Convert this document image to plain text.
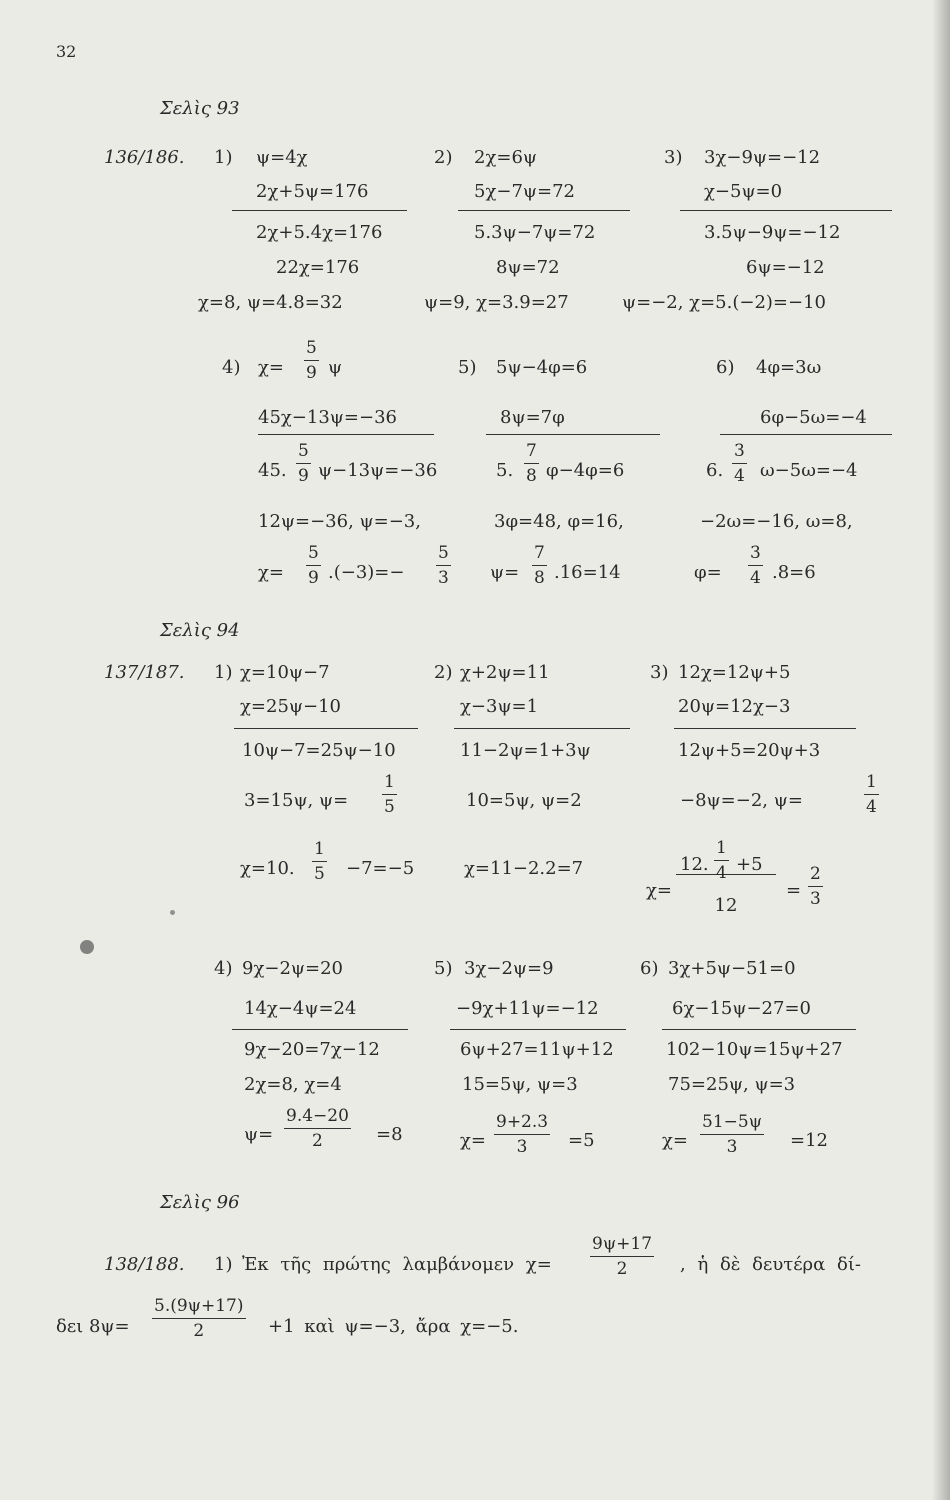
32
Σελὶς 93
136/186. 1) ψ=4χ
2χ+5ψ=176
2χ+5.4χ=176
22χ=176
χ=8, ψ=4.8=32
2) 2χ=6ψ
5χ−7ψ=72
5.3ψ−7ψ=72
8ψ=72
ψ=9, χ=3.9=27
3) 3χ−9ψ=−12
χ−5ψ=0
3.5ψ−9ψ=−12
6ψ=−12
ψ=−2, χ=5.(−2)=−10
4) $\chi= \frac{5}{9}$ ψ
45χ−13ψ=−36
45. $\frac{5}{9} \psi-13\psi=-36$
12ψ=−36, ψ=−3,
$\chi= \frac{5}{9} .(-3)=- \frac{5}{3}$
5) 5ψ−4φ=6
8ψ=7φ
5. $\frac{7}{8} \varphi-4\varphi=6$
3φ=48, φ=16,
$\psi= \frac{7}{8} .16=14$
6) 4φ=3ω
6φ−5ω=−4
6. $\frac{3}{4} \omega-5\omega=-4$
−2ω=−16, ω=8,
$\varphi= \frac{3}{4} .8=6$
Σελὶς 94
137/187. 1) χ=10ψ−7
χ=25ψ−10
10ψ−7=25ψ−10
3=15ψ, $\psi= \frac{1}{5}$
χ=10. $\frac{1}{5} -7=-5$
2) χ+2ψ=11
χ−3ψ=1
11−2ψ=1+3ψ
10=5ψ, ψ=2
χ=11−2.2=7
3) 12χ=12ψ+5
20ψ=12χ−3
12ψ+5=20ψ+3
−8ψ=−2, ψ=	$\frac{1}{4}$
$\chi= \frac{12. \frac{1}{4} +5}{12} = \frac{2}{3}$
4) 9χ−2ψ=20
14χ−4ψ=24
9χ−20=7χ−12
2χ=8, χ=4
$\psi= \frac{9.4-20}{2} =8$
5) 3χ−2ψ=9
−9χ+11ψ=−12
6ψ+27=11ψ+12
15=5ψ, ψ=3
$\chi= \frac{9+2.3}{3} =5$
6) 3χ+5ψ−51=0
6χ−15ψ−27=0
102−10ψ=15ψ+27
75=25ψ, ψ=3
$\chi= \frac{51-5\psi}{3} =12$
Σελὶς 96
138/188. 1) Ἐκ τῆς πρώτης λαμβάνομεν $\chi= \frac{9\psi+17}{2}$ , ἡ δὲ δευτέρα δί-
δει $8\psi= \frac{5.(9\psi+17)}{2} +1$ καὶ ψ=−3, ἄρα χ=−5.
